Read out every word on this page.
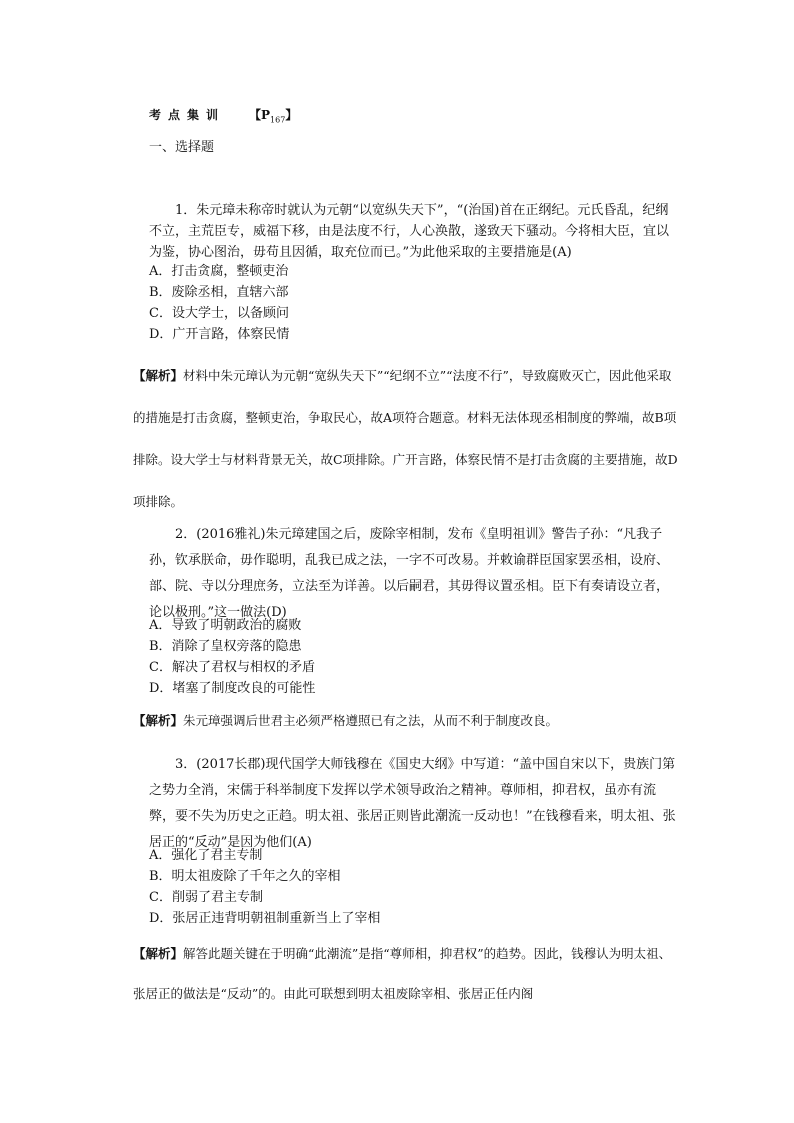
考点集训 【$P_{167}$】
一、选择题

1．朱元璋未称帝时就认为元朝“以宽纵失天下”，“(治国)首在正纲纪。元氏昏乱，纪纲不立，主荒臣专，威福下移，由是法度不行，人心涣散，遂致天下骚动。今将相大臣，宜以为鉴，协心图治，毋苟且因循，取充位而已。”为此他采取的主要措施是(A)

A．打击贪腐，整顿吏治
B．废除丞相，直辖六部
C．设大学士，以备顾问
D．广开言路，体察民情
【解析】材料中朱元璋认为元朝“宽纵失天下”“纪纲不立”“法度不行”，导致腐败灭亡，因此他采取的措施是打击贪腐，整顿吏治，争取民心，故A项符合题意。材料无法体现丞相制度的弊端，故B项排除。设大学士与材料背景无关，故C项排除。广开言路，体察民情不是打击贪腐的主要措施，故D项排除。

2．(2016雅礼)朱元璋建国之后，废除宰相制，发布《皇明祖训》警告子孙：“凡我子孙，钦承朕命，毋作聪明，乱我已成之法，一字不可改易。并敕谕群臣国家罢丞相，设府、部、院、寺以分理庶务，立法至为详善。以后嗣君，其毋得议置丞相。臣下有奏请设立者，论以极刑。”这一做法(D)

A．导致了明朝政治的腐败
B．消除了皇权旁落的隐患
C．解决了君权与相权的矛盾
D．堵塞了制度改良的可能性
【解析】朱元璋强调后世君主必须严格遵照已有之法，从而不利于制度改良。

3．(2017长郡)现代国学大师钱穆在《国史大纲》中写道：“盖中国自宋以下，贵族门第之势力全消，宋儒于科举制度下发挥以学术领导政治之精神。尊师相，抑君权，虽亦有流弊，要不失为历史之正趋。明太祖、张居正则皆此潮流一反动也！”在钱穆看来，明太祖、张居正的“反动”是因为他们(A)

A．强化了君主专制
B．明太祖废除了千年之久的宰相
C．削弱了君主专制
D．张居正违背明朝祖制重新当上了宰相
【解析】解答此题关键在于明确“此潮流”是指“尊师相，抑君权”的趋势。因此，钱穆认为明太祖、张居正的做法是“反动”的。由此可联想到明太祖废除宰相、张居正任内阁
